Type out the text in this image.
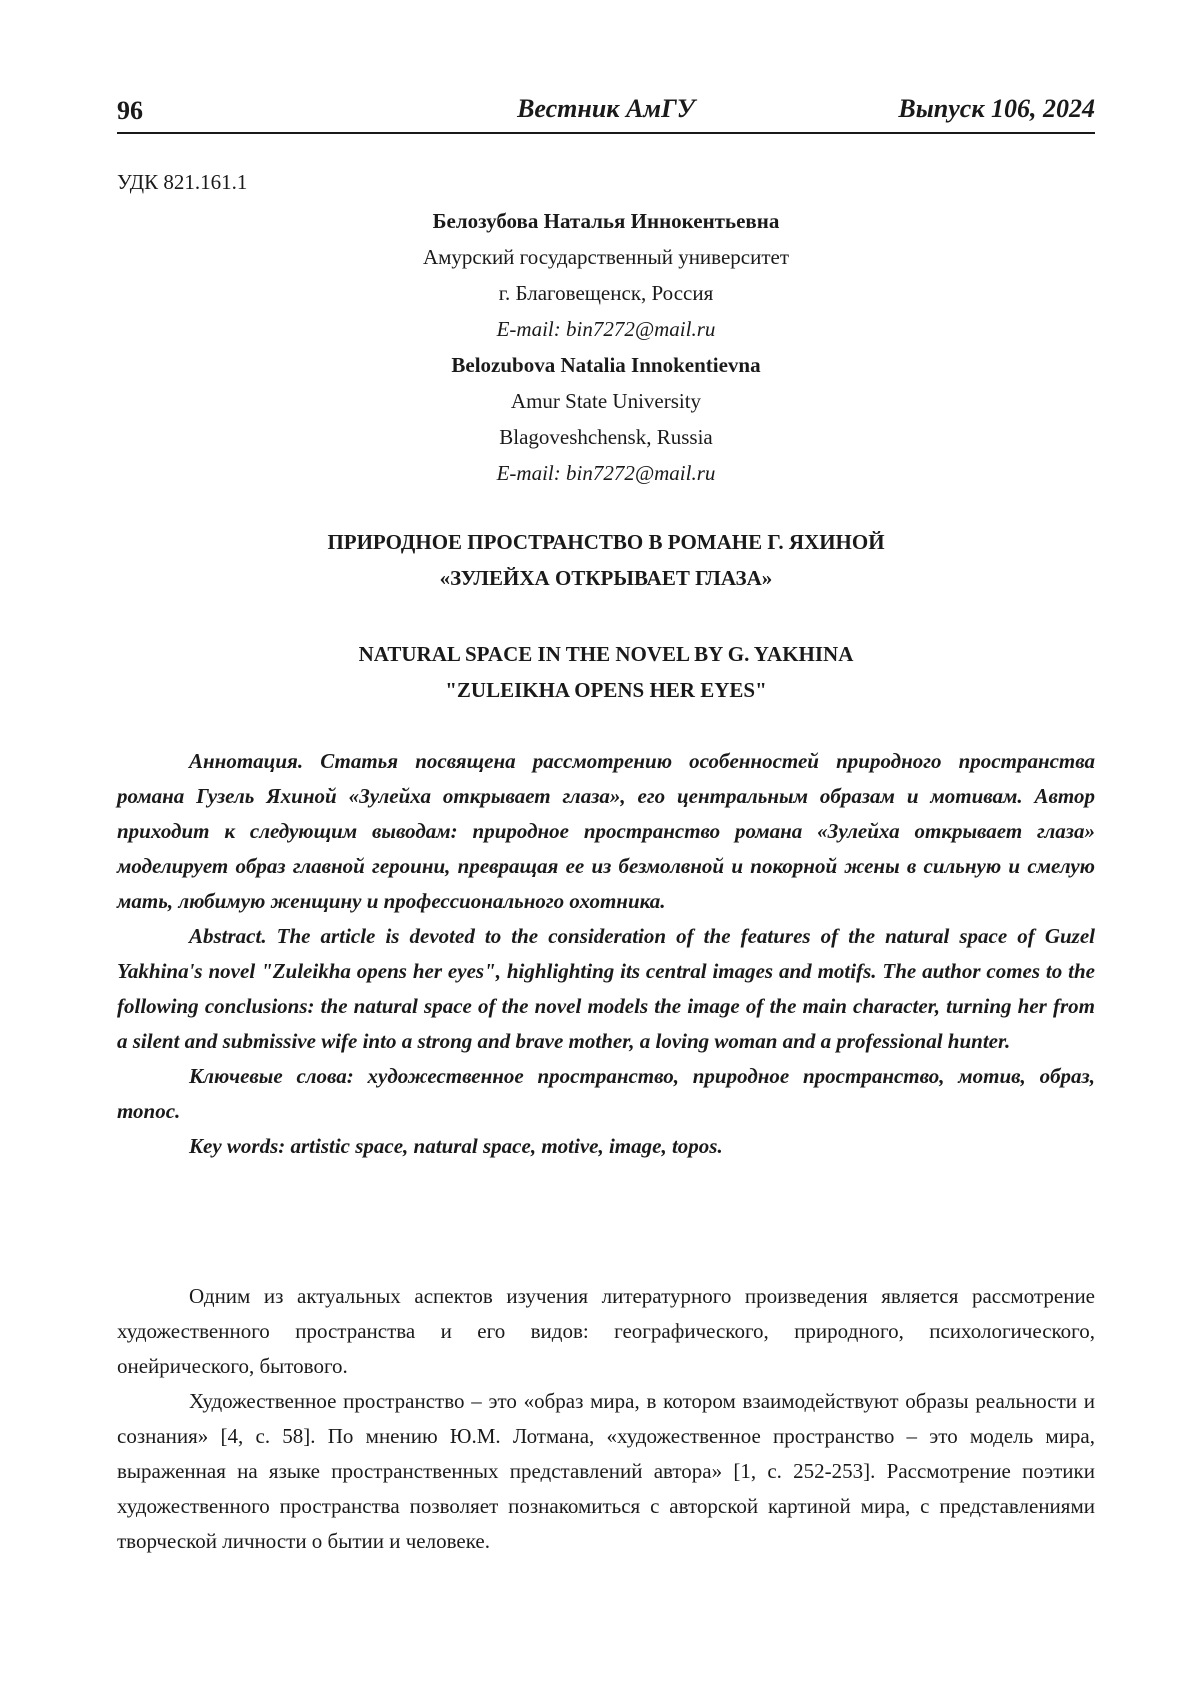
96	Вестник АмГУ	Выпуск 106, 2024
УДК 821.161.1
Белозубова Наталья Иннокентьевна
Амурский государственный университет
г. Благовещенск, Россия
E-mail: bin7272@mail.ru
Belozubova Natalia Innokentievna
Amur State University
Blagoveshchensk, Russia
E-mail: bin7272@mail.ru
ПРИРОДНОЕ ПРОСТРАНСТВО В РОМАНЕ Г. ЯХИНОЙ
«ЗУЛЕЙХА ОТКРЫВАЕТ ГЛАЗА»
NATURAL SPACE IN THE NOVEL BY G. YAKHINA
"ZULEIKHA OPENS HER EYES"

Аннотация. Статья посвящена рассмотрению особенностей природного пространства романа Гузель Яхиной «Зулейха открывает глаза», его центральным образам и мотивам. Автор приходит к следующим выводам: природное пространство романа «Зулейха открывает глаза» моделирует образ главной героини, превращая ее из безмолвной и покорной жены в сильную и смелую мать, любимую женщину и профессионального охотника.

Abstract. The article is devoted to the consideration of the features of the natural space of Guzel Yakhina's novel "Zuleikha opens her eyes", highlighting its central images and motifs. The author comes to the following conclusions: the natural space of the novel models the image of the main character, turning her from a silent and submissive wife into a strong and brave mother, a loving woman and a professional hunter.

Ключевые слова: художественное пространство, природное пространство, мотив, образ, топос.

Key words: artistic space, natural space, motive, image, topos.

Одним из актуальных аспектов изучения литературного произведения является рассмотрение художественного пространства и его видов: географического, природного, психологического, онейрического, бытового.

Художественное пространство – это «образ мира, в котором взаимодействуют образы реальности и сознания» [4, с. 58]. По мнению Ю.М. Лотмана, «художественное пространство – это модель мира, выраженная на языке пространственных представлений автора» [1, с. 252-253]. Рассмотрение поэтики художественного пространства позволяет познакомиться с авторской картиной мира, с представлениями творческой личности о бытии и человеке.
